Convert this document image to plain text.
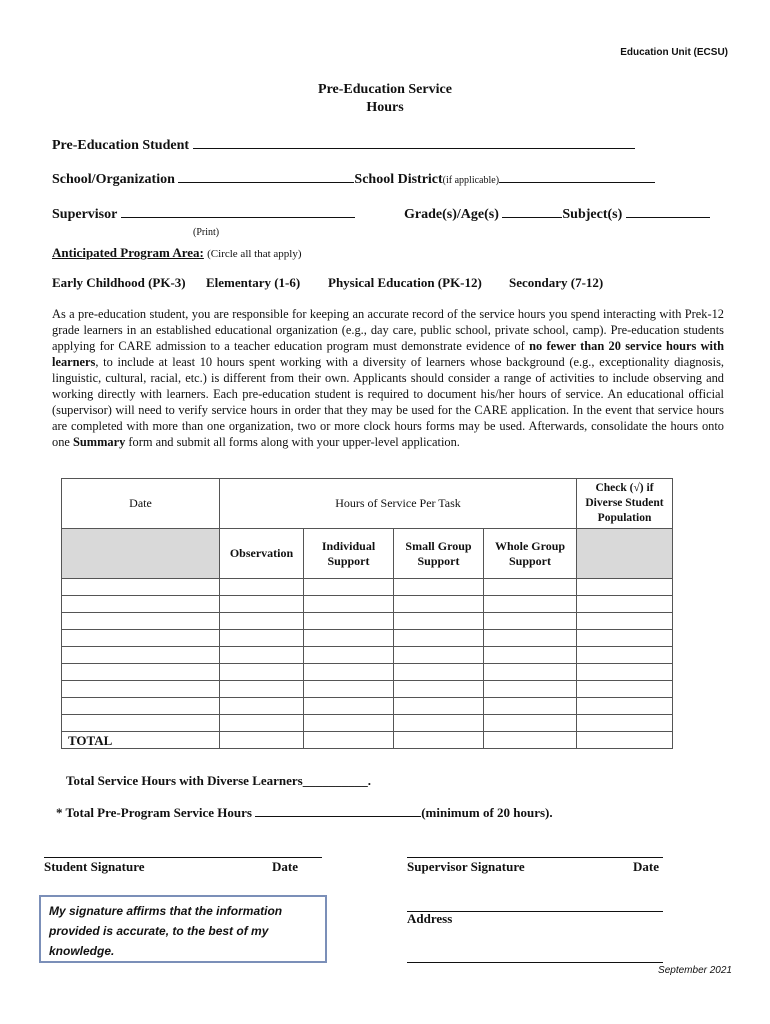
Education Unit (ECSU)
Pre-Education Service
Hours
Pre-Education Student
School/Organization	School District(if applicable)
Supervisor
(Print)
Grade(s)/Age(s)	Subject(s)
Anticipated Program Area: (Circle all that apply)
Early Childhood (PK-3) Elementary (1-6) Physical Education (PK-12) Secondary (7-12)
As a pre-education student, you are responsible for keeping an accurate record of the service hours you spend interacting with Prek-12 grade learners in an established educational organization (e.g., day care, public school, private school, camp). Pre-education students applying for CARE admission to a teacher education program must demonstrate evidence of no fewer than 20 service hours with learners, to include at least 10 hours spent working with a diversity of learners whose background (e.g., exceptionality diagnosis, linguistic, cultural, racial, etc.) is different from their own. Applicants should consider a range of activities to include observing and working directly with learners. Each pre-education student is required to document his/her hours of service. An educational official (supervisor) will need to verify service hours in order that they may be used for the CARE application. In the event that service hours are completed with more than one organization, two or more clock hours forms may be used. Afterwards, consolidate the hours onto one Summary form and submit all forms along with your upper-level application.
Date	Hours of Service Per Task				Check (√) if Diverse Student Population
	Observation	Individual Support	Small Group Support	Whole Group Support	

TOTAL					
Total Service Hours with Diverse Learners__________.
* Total Pre-Program Service Hours	(minimum of 20 hours).
Student Signature	Date	Supervisor Signature	Date
My signature affirms that the information provided is accurate, to the best of my knowledge.
Address
September 2021
